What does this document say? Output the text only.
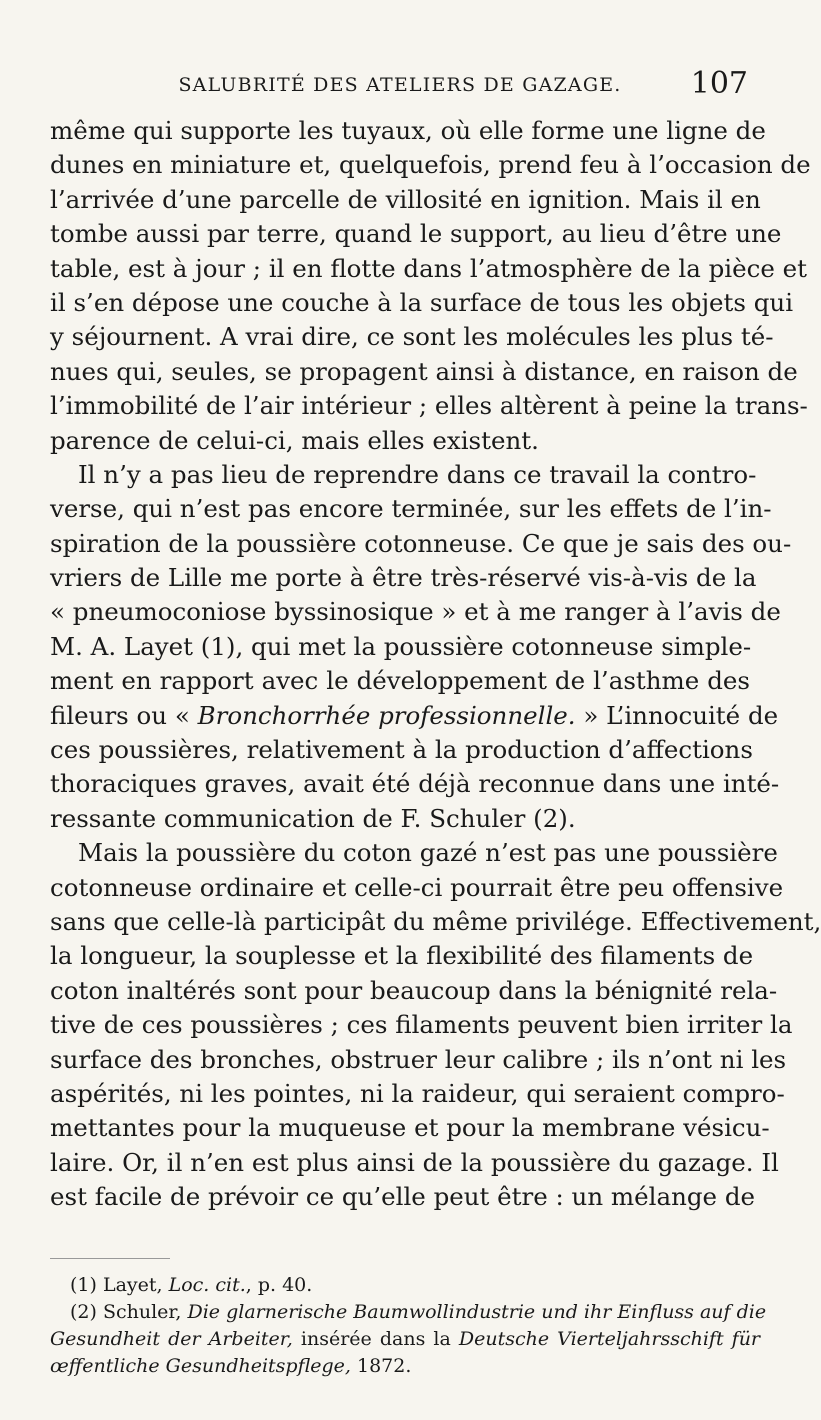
SALUBRITÉ DES ATELIERS DE GAZAGE.	107
même qui supporte les tuyaux, où elle forme une ligne de
dunes en miniature et, quelquefois, prend feu à l’occasion de
l’arrivée d’une parcelle de villosité en ignition. Mais il en
tombe aussi par terre, quand le support, au lieu d’être une
table, est à jour ; il en flotte dans l’atmosphère de la pièce et
il s’en dépose une couche à la surface de tous les objets qui
y séjournent. A vrai dire, ce sont les molécules les plus té-
nues qui, seules, se propagent ainsi à distance, en raison de
l’immobilité de l’air intérieur ; elles altèrent à peine la trans-
parence de celui-ci, mais elles existent.
Il n’y a pas lieu de reprendre dans ce travail la contro-
verse, qui n’est pas encore terminée, sur les effets de l’in-
spiration de la poussière cotonneuse. Ce que je sais des ou-
vriers de Lille me porte à être très-réservé vis-à-vis de la
« pneumoconiose byssinosique » et à me ranger à l’avis de
M. A. Layet (1), qui met la poussière cotonneuse simple-
ment en rapport avec le développement de l’asthme des
fileurs ou « Bronchorrhée professionnelle. » L’innocuité de
ces poussières, relativement à la production d’affections
thoraciques graves, avait été déjà reconnue dans une inté-
ressante communication de F. Schuler (2).
Mais la poussière du coton gazé n’est pas une poussière
cotonneuse ordinaire et celle-ci pourrait être peu offensive
sans que celle-là participât du même privilége. Effectivement,
la longueur, la souplesse et la flexibilité des filaments de
coton inaltérés sont pour beaucoup dans la bénignité rela-
tive de ces poussières ; ces filaments peuvent bien irriter la
surface des bronches, obstruer leur calibre ; ils n’ont ni les
aspérités, ni les pointes, ni la raideur, qui seraient compro-
mettantes pour la muqueuse et pour la membrane vésicu-
laire. Or, il n’en est plus ainsi de la poussière du gazage. Il
est facile de prévoir ce qu’elle peut être : un mélange de
(1) Layet, Loc. cit., p. 40.
(2) Schuler, Die glarnerische Baumwollindustrie und ihr Einfluss auf die
Gesundheit der Arbeiter, insérée dans la Deutsche Vierteljahrsschift für
œffentliche Gesundheitspflege, 1872.
